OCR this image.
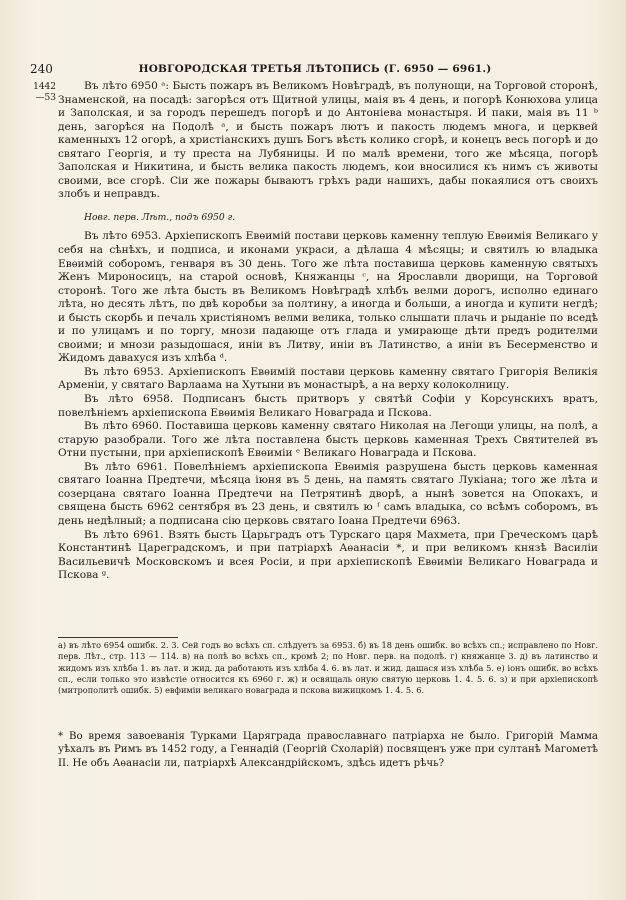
240	НОВГОРОДСКАЯ ТРЕТЬЯ ЛѢТОПИСЬ (Г. 6950 — 6961.)
1442 —53

Въ лѣто 6950 ᵃ: Бысть пожаръ въ Великомъ Новѣградѣ, въ полунощи, на Торговой сторонѣ, Знаменской, на посадѣ: загорѣся отъ Щитной улицы, маія въ 4 день, и погорѣ Конюхова улица и Заполская, и за городъ перешедъ погорѣ и до Антоніева монастыря. И паки, маія въ 11 ᵇ день, загорѣся на Подолѣ ᵃ, и бысть пожаръ лютъ и пакость людемъ многа, и церквей каменныхъ 12 огорѣ, а христіанскихъ душъ Богъ вѣсть колико сгорѣ, и конецъ весь погорѣ и до святаго Георгія, и ту преста на Лубяницы. И по малѣ времени, того же мѣсяца, погорѣ Заполская и Никитина, и бысть велика пакость людемъ, кои вносилися къ нимъ съ животы своими, все сгорѣ. Сіи же пожары бываютъ грѣхъ ради нашихъ, дабы покаялися отъ своихъ злобъ и неправдъ.

Новг. перв. Лѣт., подъ 6950 г.

Въ лѣто 6953. Архіепископъ Евѳимій постави церковь каменну теплую Евѳимія Великаго у себя на сѣнѣхъ, и подписа, и иконами украси, а дѣлаша 4 мѣсяцы; и святилъ ю владыка Евѳимій соборомъ, генваря въ 30 день. Того же лѣта поставиша церковь каменную святыхъ Женъ Мироносицъ, на старой основѣ, Княжанцы ᶜ, на Ярославли дворищи, на Торговой сторонѣ. Того же лѣта бысть въ Великомъ Новѣградѣ хлѣбъ велми дорогъ, исполно единаго лѣта, но десять лѣтъ, по двѣ коробьи за полтину, а иногда и больши, а иногда и купити негдѣ; и бысть скорбь и печаль христіяномъ велми велика, только слышати плачь и рыданіе по вседѣ и по улицамъ и по торгу, мнози падающе отъ глада и умирающе дѣти предъ родителми своими; и мнози разыдошася, иніи въ Литву, иніи въ Латинство, а иніи въ Бесерменство и Жидомъ давахуся изъ хлѣба ᵈ.

Въ лѣто 6953. Архіепископъ Евѳимій постави церковь каменну святаго Григорія Великія Арменіи, у святаго Варлаама на Хутыни въ монастырѣ, а на верху колоколницу.

Въ лѣто 6958. Подписанъ бысть притворъ у святѣй Софіи у Корсунскихъ вратъ, повелѣніемъ архіепископа Евѳимія Великаго Новаграда и Пскова.

Въ лѣто 6960. Поставиша церковь каменну святаго Николая на Легощи улицы, на полѣ, а старую разобрали. Того же лѣта поставлена бысть церковь каменная Трехъ Святителей въ Отни пустыни, при архіепископѣ Евѳиміи ᵉ Великаго Новаграда и Пскова.

Въ лѣто 6961. Повелѣніемъ архіепископа Евѳимія разрушена бысть церковь каменная святаго Іоанна Предтечи, мѣсяца іюня въ 5 день, на память святаго Лукіана; того же лѣта и созерцана святаго Іоанна Предтечи на Петрятинѣ дворѣ, а нынѣ зовется на Опокахъ, и священа бысть 6962 сентября въ 23 день, и святилъ ю ᶠ самъ владыка, со всѣмъ соборомъ, въ день недѣлный; а подписана сію церковь святаго Іоана Предтечи 6963.

Въ лѣто 6961. Взять бысть Царьградъ отъ Турскаго царя Махмета, при Греческомъ царѣ Константинѣ Цареградскомъ, и при патріархѣ Аѳанасіи *, и при великомъ князѣ Василіи Васильевичѣ Московскомъ и всея Росіи, и при архіепископѣ Евѳиміи Великаго Новаграда и Пскова ᵍ.

а) въ лѣто 6954 ошибк. 2. 3. Сей годъ во всѣхъ сп. слѣдуетъ за 6953. б) въ 18 день ошибк. во всѣхъ сп.; исправлено по Новг. перв. Лѣт., стр. 113 — 114. в) на полѣ во всѣхъ сп., кромѣ 2; по Новг. перв. на подолѣ. г) княжанце 3. д) въ латинство и жидомъ изъ хлѣба 1. въ лат. и жид. да работають изъ хлѣба 4. 6. въ лат. и жид. дашася изъ хлѣба 5. е) іонъ ошибк. во всѣхъ сп., если только это извѣстіе относится къ 6960 г. ж) и освящаль оную святую церковь 1. 4. 5. 6. з) и при архіепископѣ (митрополитѣ ошибк. 5) евфиміи великаго новаграда и пскова вижицкомъ 1. 4. 5. 6.

* Во время завоеванія Турками Царяграда православнаго патріарха не было. Григорій Мамма уѣхалъ въ Римъ въ 1452 году, а Геннадій (Георгій Схоларій) посвященъ уже при султанѣ Магометѣ II. Не объ Аѳанасіи ли, патріархѣ Александрійскомъ, здѣсь идетъ рѣчь?
